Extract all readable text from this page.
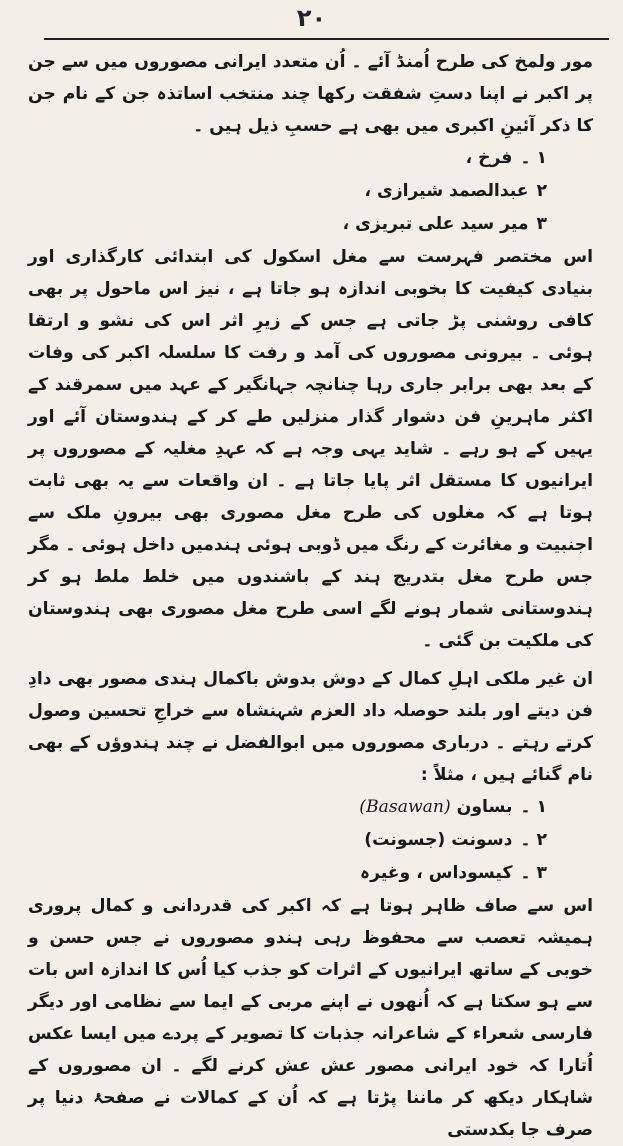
۲۰

مور ولمخ کی طرح اُمنڈ آئے ۔ اُن متعدد ایرانی مصوروں میں سے جن پر اکبر نے اپنا دستِ شفقت رکھا چند منتخب اساتذہ جن کے نام جن کا ذکر آئینِ اکبری میں بھی ہے حسبِ ذیل ہیں ۔

۱ ۔فرخ ،

۲عبدالصمد شیرازی ،

۳میر سید علی تبریزی ،

اس مختصر فہرست سے مغل اسکول کی ابتدائی کارگذاری اور بنیادی کیفیت کا بخوبی اندازہ ہو جاتا ہے ، نیز اس ماحول پر بھی کافی روشنی پڑ جاتی ہے جس کے زیرِ اثر اس کی نشو و ارتقا ہوئی ۔ بیرونی مصوروں کی آمد و رفت کا سلسلہ اکبر کی وفات کے بعد بھی برابر جاری رہا چنانچہ جہانگیر کے عہد میں سمرقند کے اکثر ماہرینِ فن دشوار گذار منزلیں طے کر کے ہندوستان آئے اور یہیں کے ہو رہے ۔ شاید یہی وجہ ہے کہ عہدِ مغلیہ کے مصوروں پر ایرانیوں کا مستقل اثر پایا جاتا ہے ۔ ان واقعات سے یہ بھی ثابت ہوتا ہے کہ مغلوں کی طرح مغل مصوری بھی بیرونِ ملک سے اجنبیت و مغائرت کے رنگ میں ڈوبی ہوئی ہندمیں داخل ہوئی ۔ مگر جس طرح مغل بتدریج ہند کے باشندوں میں خلط ملط ہو کر ہندوستانی شمار ہونے لگے اسی طرح مغل مصوری بھی ہندوستان کی ملکیت بن گئی ۔

ان غیر ملکی اہلِ کمال کے دوش بدوش باکمال ہندی مصور بھی دادِ فن دیتے اور بلند حوصلہ داد العزم شہنشاہ سے خراجِ تحسین وصول کرتے رہتے ۔ درباری مصوروں میں ابوالفضل نے چند ہندوؤں کے بھی نام گنائے ہیں ، مثلاً :

۱ ۔بساون (Basawan)

۲ ۔دسونت (جسونت)

۳ ۔کیسوداس ، وغیرہ

اس سے صاف ظاہر ہوتا ہے کہ اکبر کی قدردانی و کمال پروری ہمیشہ تعصب سے محفوظ رہی ہندو مصوروں نے جس حسن و خوبی کے ساتھ ایرانیوں کے اثرات کو جذب کیا اُس کا اندازہ اس بات سے ہو سکتا ہے کہ اُنھوں نے اپنے مربی کے ایما سے نظامی اور دیگر فارسی شعراء کے شاعرانہ جذبات کا تصویر کے پردے میں ایسا عکس اُتارا کہ خود ایرانی مصور عش عش کرنے لگے ۔ ان مصوروں کے شاہکار دیکھ کر ماننا پڑتا ہے کہ اُن کے کمالات نے صفحۂ دنیا پر صرف جا بکدستی
